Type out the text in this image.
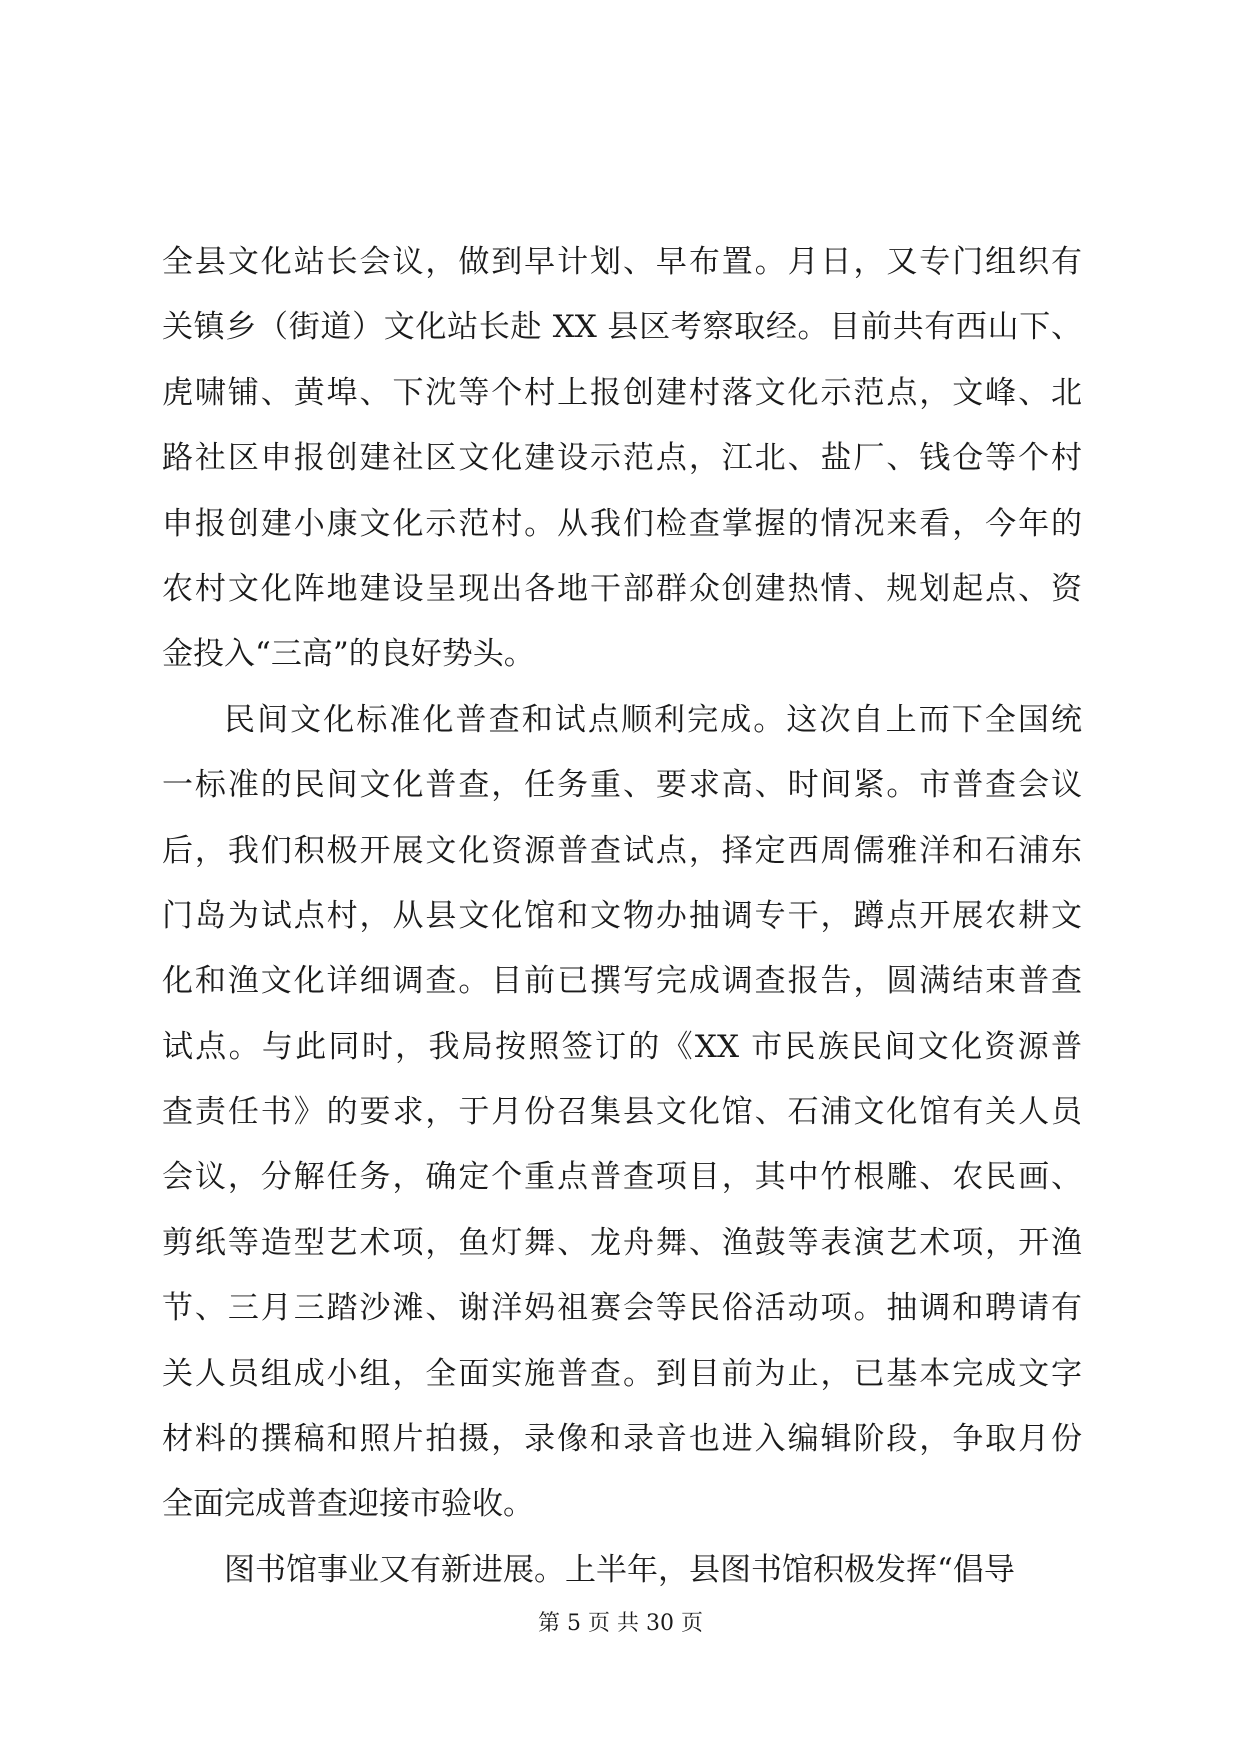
全县文化站长会议，做到早计划、早布置。月日，又专门组织有
关镇乡（街道）文化站长赴 XX 县区考察取经。目前共有西山下、
虎啸铺、黄埠、下沈等个村上报创建村落文化示范点，文峰、北
路社区申报创建社区文化建设示范点，江北、盐厂、钱仓等个村
申报创建小康文化示范村。从我们检查掌握的情况来看，今年的
农村文化阵地建设呈现出各地干部群众创建热情、规划起点、资
金投入“三高”的良好势头。
民间文化标准化普查和试点顺利完成。这次自上而下全国统
一标准的民间文化普查，任务重、要求高、时间紧。市普查会议
后，我们积极开展文化资源普查试点，择定西周儒雅洋和石浦东
门岛为试点村，从县文化馆和文物办抽调专干，蹲点开展农耕文
化和渔文化详细调查。目前已撰写完成调查报告，圆满结束普查
试点。与此同时，我局按照签订的《XX 市民族民间文化资源普
查责任书》的要求，于月份召集县文化馆、石浦文化馆有关人员
会议，分解任务，确定个重点普查项目，其中竹根雕、农民画、
剪纸等造型艺术项，鱼灯舞、龙舟舞、渔鼓等表演艺术项，开渔
节、三月三踏沙滩、谢洋妈祖赛会等民俗活动项。抽调和聘请有
关人员组成小组，全面实施普查。到目前为止，已基本完成文字
材料的撰稿和照片拍摄，录像和录音也进入编辑阶段，争取月份
全面完成普查迎接市验收。
图书馆事业又有新进展。上半年，县图书馆积极发挥“倡导
第 5 页 共 30 页
